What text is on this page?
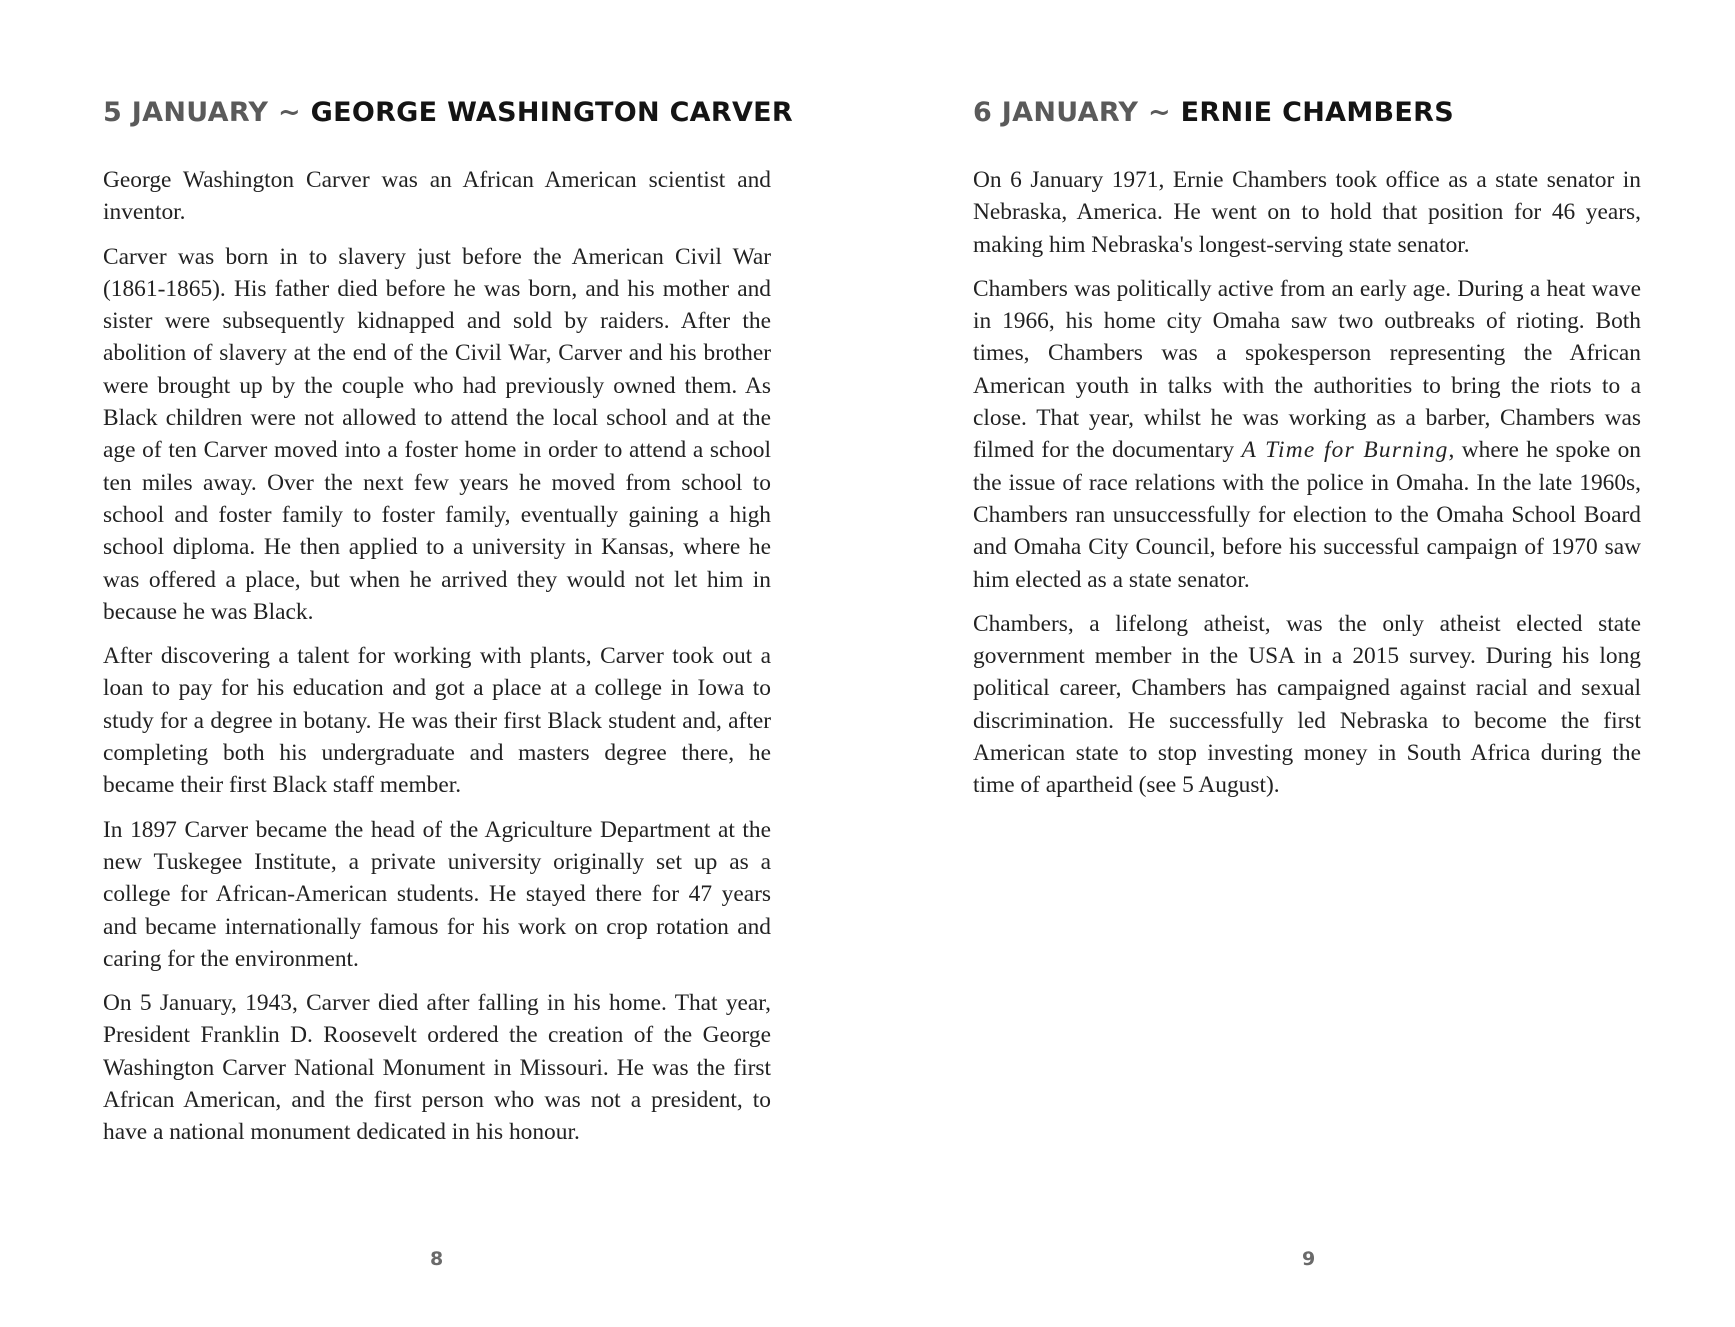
5 JANUARY ~ GEORGE WASHINGTON CARVER

George Washington Carver was an African American scientist and inventor.

Carver was born in to slavery just before the American Civil War (1861-1865). His father died before he was born, and his mother and sister were subsequently kidnapped and sold by raiders. After the abolition of slavery at the end of the Civil War, Carver and his brother were brought up by the couple who had previously owned them. As Black children were not allowed to attend the local school and at the age of ten Carver moved into a foster home in order to attend a school ten miles away. Over the next few years he moved from school to school and foster family to foster family, eventually gaining a high school diploma. He then applied to a university in Kansas, where he was offered a place, but when he arrived they would not let him in because he was Black.

After discovering a talent for working with plants, Carver took out a loan to pay for his education and got a place at a college in Iowa to study for a degree in botany. He was their first Black student and, after completing both his undergraduate and masters degree there, he became their first Black staff member.

In 1897 Carver became the head of the Agriculture Department at the new Tuskegee Institute, a private university originally set up as a college for African-American students. He stayed there for 47 years and became internationally famous for his work on crop rotation and caring for the environment.

On 5 January, 1943, Carver died after falling in his home. That year, President Franklin D. Roosevelt ordered the creation of the George Washington Carver National Monument in Missouri. He was the first African American, and the first person who was not a president, to have a national monument dedicated in his honour.

8
6 JANUARY ~ ERNIE CHAMBERS

On 6 January 1971, Ernie Chambers took office as a state senator in Nebraska, America. He went on to hold that position for 46 years, making him Nebraska's longest-serving state senator.

Chambers was politically active from an early age. During a heat wave in 1966, his home city Omaha saw two outbreaks of rioting. Both times, Chambers was a spokesperson representing the African American youth in talks with the authorities to bring the riots to a close. That year, whilst he was working as a barber, Chambers was filmed for the documentary A Time for Burning, where he spoke on the issue of race relations with the police in Omaha. In the late 1960s, Chambers ran unsuccessfully for election to the Omaha School Board and Omaha City Council, before his successful campaign of 1970 saw him elected as a state senator.

Chambers, a lifelong atheist, was the only atheist elected state government member in the USA in a 2015 survey. During his long political career, Chambers has campaigned against racial and sexual discrimination. He successfully led Nebraska to become the first American state to stop investing money in South Africa during the time of apartheid (see 5 August).

9
